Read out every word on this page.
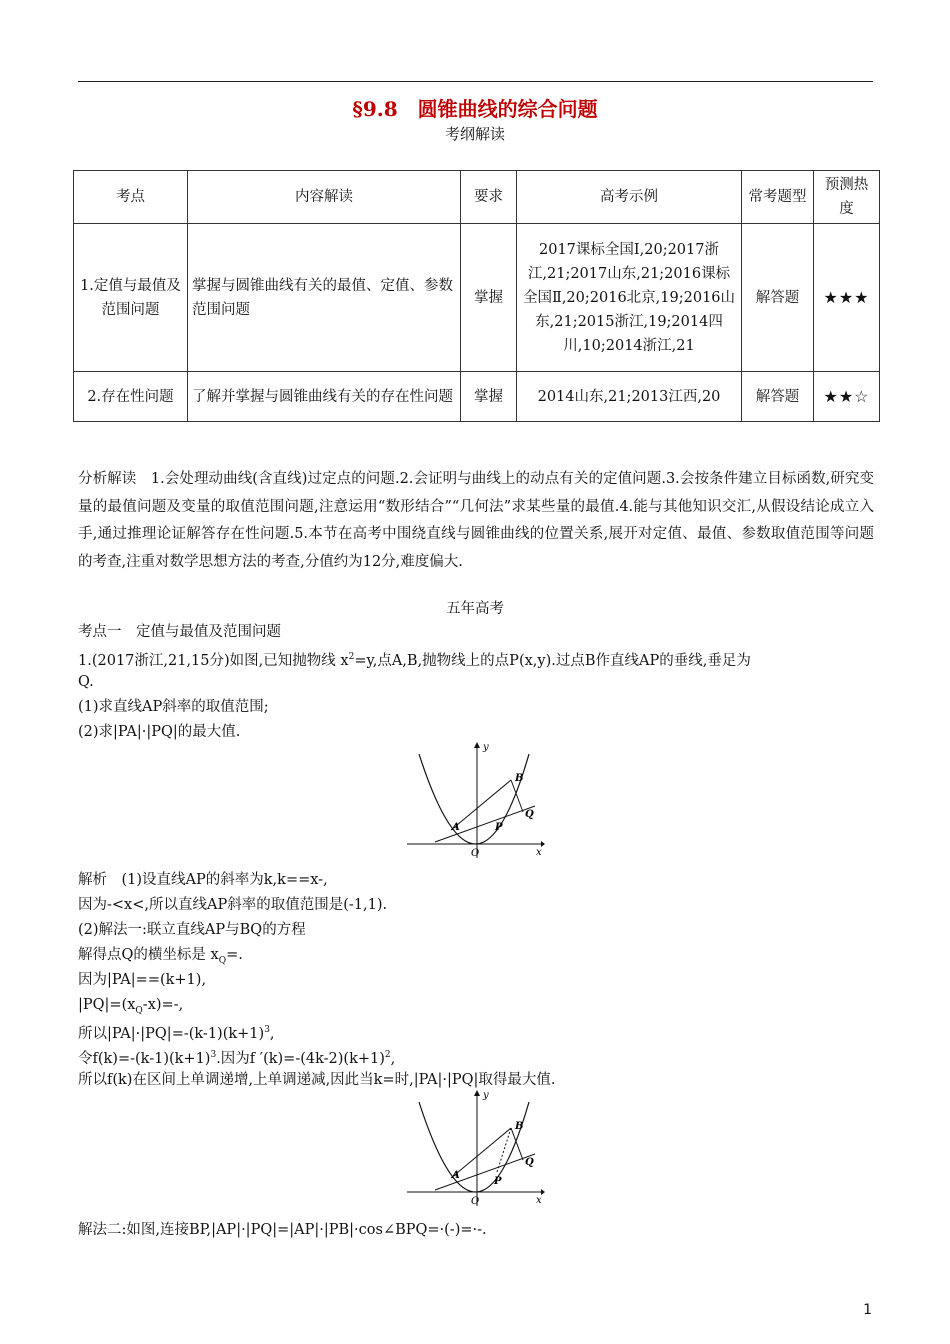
§9.8　圆锥曲线的综合问题
考纲解读
考点	内容解读	要求	高考示例	常考题型	预测热度
1.定值与最值及范围问题	掌握与圆锥曲线有关的最值、定值、参数范围问题	掌握	2017课标全国Ⅰ,20;2017浙江,21;2017山东,21;2016课标全国Ⅱ,20;2016北京,19;2016山东,21;2015浙江,19;2014四川,10;2014浙江,21	解答题	★★★
2.存在性问题	了解并掌握与圆锥曲线有关的存在性问题	掌握	2014山东,21;2013江西,20	解答题	★★☆
分析解读　1.会处理动曲线(含直线)过定点的问题.2.会证明与曲线上的动点有关的定值问题.3.会按条件建立目标函数,研究变量的最值问题及变量的取值范围问题,注意运用“数形结合”“几何法”求某些量的最值.4.能与其他知识交汇,从假设结论成立入手,通过推理论证解答存在性问题.5.本节在高考中围绕直线与圆锥曲线的位置关系,展开对定值、最值、参数取值范围等问题的考查,注重对数学思想方法的考查,分值约为12分,难度偏大.
五年高考
考点一　定值与最值及范围问题
1.(2017浙江,21,15分)如图,已知抛物线 $x^2=y$,点A,B,抛物线上的点P(x,y).过点B作直线AP的垂线,垂足为
Q.
(1)求直线AP斜率的取值范围;
(2)求|PA|·|PQ|的最大值.
y
x
O
A
B
P
Q
解析　(1)设直线AP的斜率为k,k==x-,
因为-<x<,所以直线AP斜率的取值范围是(-1,1).
(2)解法一:联立直线AP与BQ的方程
解得点Q的横坐标是 $x_Q=$.
因为|PA|==(k+1),
$|PQ|=(x_Q-x)=-$,
所以$|PA|\cdot|PQ|=-(k-1)(k+1)^3$,
令$f(k)=-(k-1)(k+1)^3$.因为f $'(k)=-(4k-2)(k+1)^2$,
所以f(k)在区间上单调递增,上单调递减,因此当k=时,|PA|·|PQ|取得最大值.
y
x
O
A
B
P
Q
解法二:如图,连接BP,|AP|·|PQ|=|AP|·|PB|·cos∠BPQ=·(-)=·-.
1
